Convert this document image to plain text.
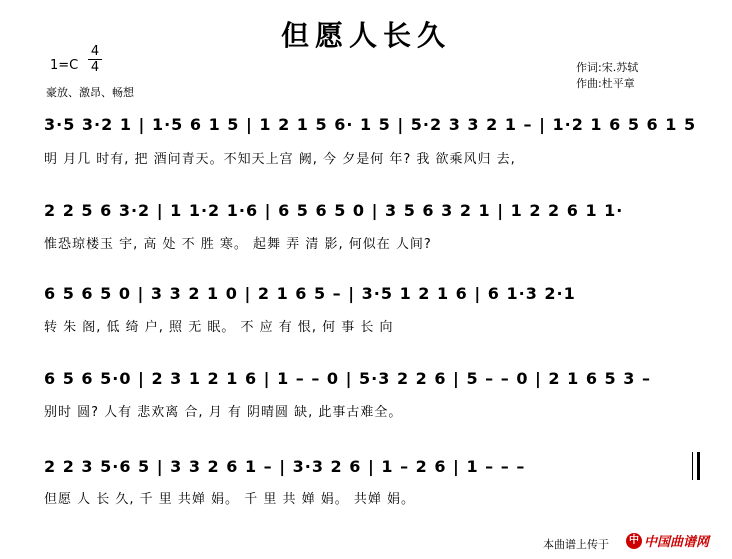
但愿人长久
1=C
4
4
豪放、激昂、畅想
作词:宋.苏轼
作曲:杜平章
3·5 3·2 1 | 1·5 6 1 5 | 1 2 1 5 6· 1 5 | 5·2 3 3 2 1 – | 1·2 1 6 5 6 1 5
明 月几 时有, 把 酒问青天。不知天上宫 阙, 今 夕是何 年? 我 欲乘风归 去,
2 2 5 6 3·2 | 1 1·2 1·6 | 6 5 6 5 0 | 3 5 6 3 2 1 | 1 2 2 6 1 1·
惟恐琼楼玉 宇, 高 处 不 胜 寒。 起舞 弄 清 影, 何似在 人间?
6 5 6 5 0 | 3 3 2 1 0 | 2 1 6 5 – | 3·5 1 2 1 6 | 6 1·3 2·1
转 朱 阁, 低 绮 户, 照 无 眠。 不 应 有 恨, 何 事 长 向
6 5 6 5·0 | 2 3 1 2 1 6 | 1 – – 0 | 5·3 2 2 6 | 5 – – 0 | 2 1 6 5 3 –
别时 圆? 人有 悲欢离 合, 月 有 阴晴圆 缺, 此事古难全。
2 2 3 5·6 5 | 3 3 2 6 1 – | 3·3 2 6 | 1 – 2 6 | 1 – – –
但愿 人 长 久, 千 里 共婵 娟。 千 里 共 婵 娟。 共婵 娟。
本曲谱上传于	中 中国曲谱网
